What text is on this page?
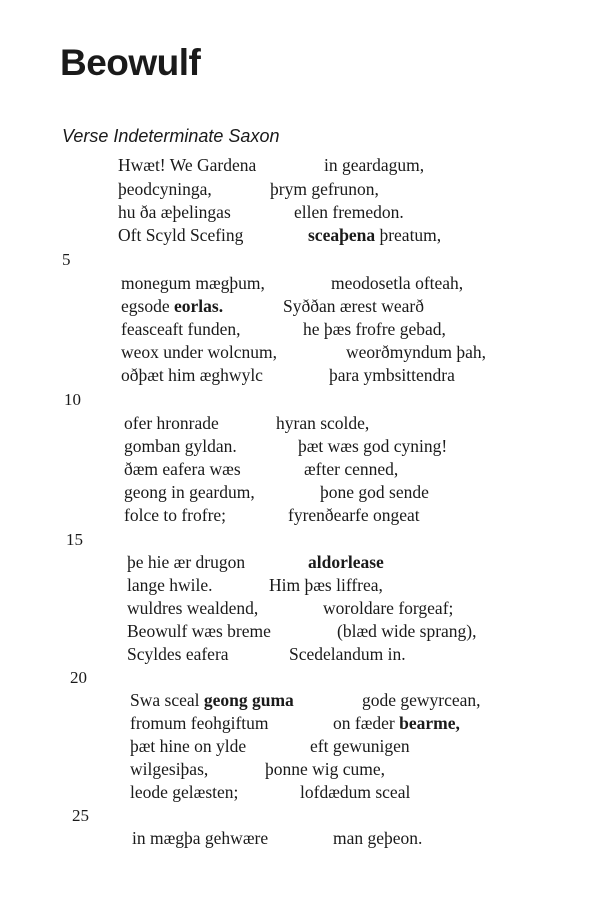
Beowulf
Verse Indeterminate Saxon
Hwæt! We Gardena	in geardagum,
þeodcyninga,	þrym gefrunon,
hu ða æþelingas	ellen fremedon.
Oft Scyld Scefing	sceaþena þreatum,
5
monegum mægþum,	meodosetla ofteah,
egsode eorlas.	Syððan ærest wearð
feasceaft funden,	he þæs frofre gebad,
weox under wolcnum,	weorðmyndum þah,
oðþæt him æghwylc	þara ymbsittendra
10
ofer hronrade	hyran scolde,
gomban gyldan.	þæt wæs god cyning!
ðæm eafera wæs	æfter cenned,
geong in geardum,	þone god sende
folce to frofre;	fyrenðearfe ongeat
15
þe hie ær drugon	aldorlease
lange hwile.	Him þæs liffrea,
wuldres wealdend,	woroldare forgeaf;
Beowulf wæs breme	(blæd wide sprang),
Scyldes eafera	Scedelandum in.
20
Swa sceal geong guma	gode gewyrcean,
fromum feohgiftum	on fæder bearme,
þæt hine on ylde	eft gewunigen
wilgesiþas,	þonne wig cume,
leode gelæsten;	lofdædum sceal
25
in mægþa gehwære	man geþeon.
